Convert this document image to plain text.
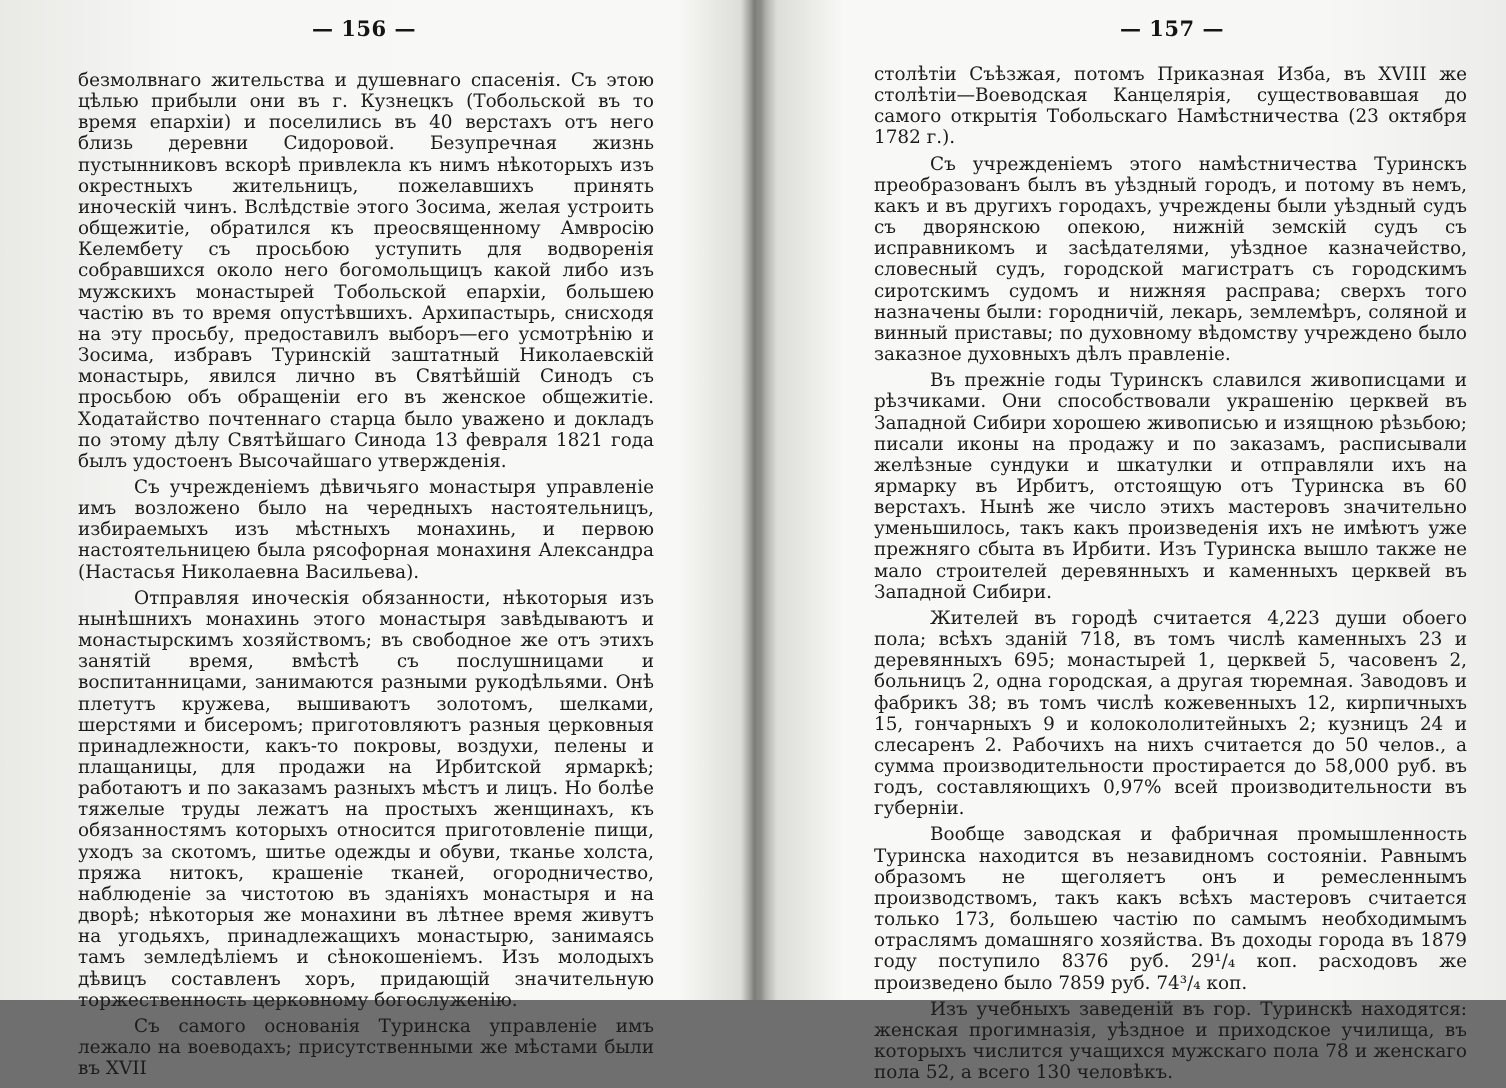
— 156 —

безмолвнаго жительства и душевнаго спасенія. Съ этою цѣлью прибыли они въ г. Кузнецкъ (Тобольской въ то время епархіи) и поселились въ 40 верстахъ отъ него близь деревни Сидоровой. Безупречная жизнь пустынниковъ вскорѣ привлекла къ нимъ нѣкоторыхъ изъ окрестныхъ жительницъ, пожелавшихъ принять иноческій чинъ. Вслѣдствіе этого Зосима, желая устроить общежитіе, обратился къ преосвященному Амвросію Келембету съ просьбою уступить для водворенія собравшихся около него богомольщицъ какой либо изъ мужскихъ монастырей Тобольской епархіи, большею частію въ то время опустѣвшихъ. Архипастырь, снисходя на эту просьбу, предоставилъ выборъ—его усмотрѣнію и Зосима, избравъ Туринскій заштатный Николаевскій монастырь, явился лично въ Святѣйшій Синодъ съ просьбою объ обращеніи его въ женское общежитіе. Ходатайство почтеннаго старца было уважено и докладъ по этому дѣлу Святѣйшаго Синода 13 февраля 1821 года былъ удостоенъ Высочайшаго утвержденія.

Съ учрежденіемъ дѣвичьяго монастыря управленіе имъ возложено было на чередныхъ настоятельницъ, избираемыхъ изъ мѣстныхъ монахинь, и первою настоятельницею была рясофорная монахиня Александра (Настасья Николаевна Васильева).

Отправляя иноческія обязанности, нѣкоторыя изъ нынѣшнихъ монахинь этого монастыря завѣдываютъ и монастырскимъ хозяйствомъ; въ свободное же отъ этихъ занятій время, вмѣстѣ съ послушницами и воспитанницами, занимаются разными рукодѣльями. Онѣ плетутъ кружева, вышиваютъ золотомъ, шелками, шерстями и бисеромъ; приготовляютъ разныя церковныя принадлежности, какъ-то покровы, воздухи, пелены и плащаницы, для продажи на Ирбитской ярмаркѣ; работаютъ и по заказамъ разныхъ мѣстъ и лицъ. Но болѣе тяжелые труды лежатъ на простыхъ женщинахъ, къ обязанностямъ которыхъ относится приготовленіе пищи, уходъ за скотомъ, шитье одежды и обуви, тканье холста, пряжа нитокъ, крашеніе тканей, огородничество, наблюденіе за чистотою въ зданіяхъ монастыря и на дворѣ; нѣкоторыя же монахини въ лѣтнее время живутъ на угодьяхъ, принадлежащихъ монастырю, занимаясь тамъ земледѣліемъ и сѣнокошеніемъ. Изъ молодыхъ дѣвицъ составленъ хоръ, придающій значительную торжественность церковному богослуженію.

Съ самого основанія Туринска управленіе имъ лежало на воеводахъ; присутственными же мѣстами были въ XVII

— 157 —

столѣтіи Съѣзжая, потомъ Приказная Изба, въ XVIII же столѣтіи—Воеводская Канцелярія, существовавшая до самого открытія Тобольскаго Намѣстничества (23 октября 1782 г.).

Съ учрежденіемъ этого намѣстничества Туринскъ преобразованъ былъ въ уѣздный городъ, и потому въ немъ, какъ и въ другихъ городахъ, учреждены были уѣздный судъ съ дворянскою опекою, нижній земскій судъ съ исправникомъ и засѣдателями, уѣздное казначейство, словесный судъ, городской магистратъ съ городскимъ сиротскимъ судомъ и нижняя расправа; сверхъ того назначены были: городничій, лекарь, землемѣръ, соляной и винный приставы; по духовному вѣдомству учреждено было заказное духовныхъ дѣлъ правленіе.

Въ прежніе годы Туринскъ славился живописцами и рѣзчиками. Они способствовали украшенію церквей въ Западной Сибири хорошею живописью и изящною рѣзьбою; писали иконы на продажу и по заказамъ, расписывали желѣзные сундуки и шкатулки и отправляли ихъ на ярмарку въ Ирбитъ, отстоящую отъ Туринска въ 60 верстахъ. Нынѣ же число этихъ мастеровъ значительно уменьшилось, такъ какъ произведенія ихъ не имѣютъ уже прежняго сбыта въ Ирбити. Изъ Туринска вышло также не мало строителей деревянныхъ и каменныхъ церквей въ Западной Сибири.

Жителей въ городѣ считается 4,223 души обоего пола; всѣхъ зданій 718, въ томъ числѣ каменныхъ 23 и деревянныхъ 695; монастырей 1, церквей 5, часовенъ 2, больницъ 2, одна городская, а другая тюремная. Заводовъ и фабрикъ 38; въ томъ числѣ кожевенныхъ 12, кирпичныхъ 15, гончарныхъ 9 и колокололитейныхъ 2; кузницъ 24 и слесаренъ 2. Рабочихъ на нихъ считается до 50 челов., а сумма производительности простирается до 58,000 руб. въ годъ, составляющихъ 0,97% всей производительности въ губерніи.

Вообще заводская и фабричная промышленность Туринска находится въ незавидномъ состояніи. Равнымъ образомъ не щеголяетъ онъ и ремесленнымъ производствомъ, такъ какъ всѣхъ мастеровъ считается только 173, большею частію по самымъ необходимымъ отраслямъ домашняго хозяйства. Въ доходы города въ 1879 году поступило 8376 руб. 29¹/₄ коп. расходовъ же произведено было 7859 руб. 74³/₄ коп.

Изъ учебныхъ заведеній въ гор. Туринскѣ находятся: женская прогимназія, уѣздное и приходское училища, въ которыхъ числится учащихся мужскаго пола 78 и женскаго пола 52, а всего 130 человѣкъ.
